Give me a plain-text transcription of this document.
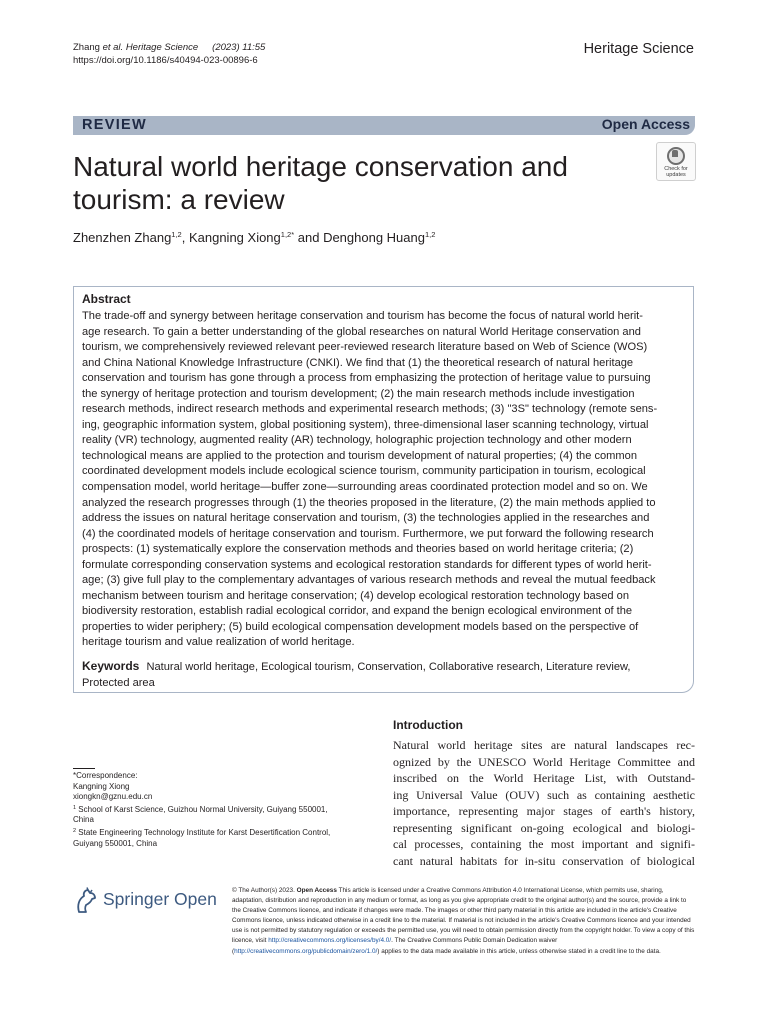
Zhang et al. Heritage Science (2023) 11:55
https://doi.org/10.1186/s40494-023-00896-6
Heritage Science
REVIEW	Open Access
Natural world heritage conservation and tourism: a review
Check for
updates
Zhenzhen Zhang$^{1,2}$, Kangning Xiong$^{1,2*}$ and Denghong Huang$^{1,2}$
Abstract
The trade-off and synergy between heritage conservation and tourism has become the focus of natural world herit-
age research. To gain a better understanding of the global researches on natural World Heritage conservation and
tourism, we comprehensively reviewed relevant peer-reviewed research literature based on Web of Science (WOS)
and China National Knowledge Infrastructure (CNKI). We find that (1) the theoretical research of natural heritage
conservation and tourism has gone through a process from emphasizing the protection of heritage value to pursuing
the synergy of heritage protection and tourism development; (2) the main research methods include investigation
research methods, indirect research methods and experimental research methods; (3) "3S" technology (remote sens-
ing, geographic information system, global positioning system), three-dimensional laser scanning technology, virtual
reality (VR) technology, augmented reality (AR) technology, holographic projection technology and other modern
technological means are applied to the protection and tourism development of natural properties; (4) the common
coordinated development models include ecological science tourism, community participation in tourism, ecological
compensation model, world heritage—buffer zone—surrounding areas coordinated protection model and so on. We
analyzed the research progresses through (1) the theories proposed in the literature, (2) the main methods applied to
address the issues on natural heritage conservation and tourism, (3) the technologies applied in the researches and
(4) the coordinated models of heritage conservation and tourism. Furthermore, we put forward the following research
prospects: (1) systematically explore the conservation methods and theories based on world heritage criteria; (2)
formulate corresponding conservation systems and ecological restoration standards for different types of world herit-
age; (3) give full play to the complementary advantages of various research methods and reveal the mutual feedback
mechanism between tourism and heritage conservation; (4) develop ecological restoration technology based on
biodiversity restoration, establish radial ecological corridor, and expand the benign ecological environment of the
properties to wider periphery; (5) build ecological compensation development models based on the perspective of
heritage tourism and value realization of world heritage.
Keywords Natural world heritage, Ecological tourism, Conservation, Collaborative research, Literature review,
Protected area
*Correspondence:
Kangning Xiong
xiongkn@gznu.edu.cn
$^1$ School of Karst Science, Guizhou Normal University, Guiyang 550001,
China
$^2$ State Engineering Technology Institute for Karst Desertification Control,
Guiyang 550001, China
Introduction
Natural world heritage sites are natural landscapes rec-
ognized by the UNESCO World Heritage Committee and
inscribed on the World Heritage List, with Outstand-
ing Universal Value (OUV) such as containing aesthetic
importance, representing major stages of earth's history,
representing significant on-going ecological and biologi-
cal processes, containing the most important and signifi-
cant natural habitats for in-situ conservation of biological
Springer Open © The Author(s) 2023. Open Access This article is licensed under a Creative Commons Attribution 4.0 International License, which permits use, sharing, adaptation, distribution and reproduction in any medium or format, as long as you give appropriate credit to the original author(s) and the source, provide a link to the Creative Commons licence, and indicate if changes were made. The images or other third party material in this article are included in the article's Creative Commons licence, unless indicated otherwise in a credit line to the material. If material is not included in the article's Creative Commons licence and your intended use is not permitted by statutory regulation or exceeds the permitted use, you will need to obtain permission directly from the copyright holder. To view a copy of this licence, visit http://creativecommons.org/licenses/by/4.0/. The Creative Commons Public Domain Dedication waiver (http://creativecommons.org/publicdomain/zero/1.0/) applies to the data made available in this article, unless otherwise stated in a credit line to the data.
